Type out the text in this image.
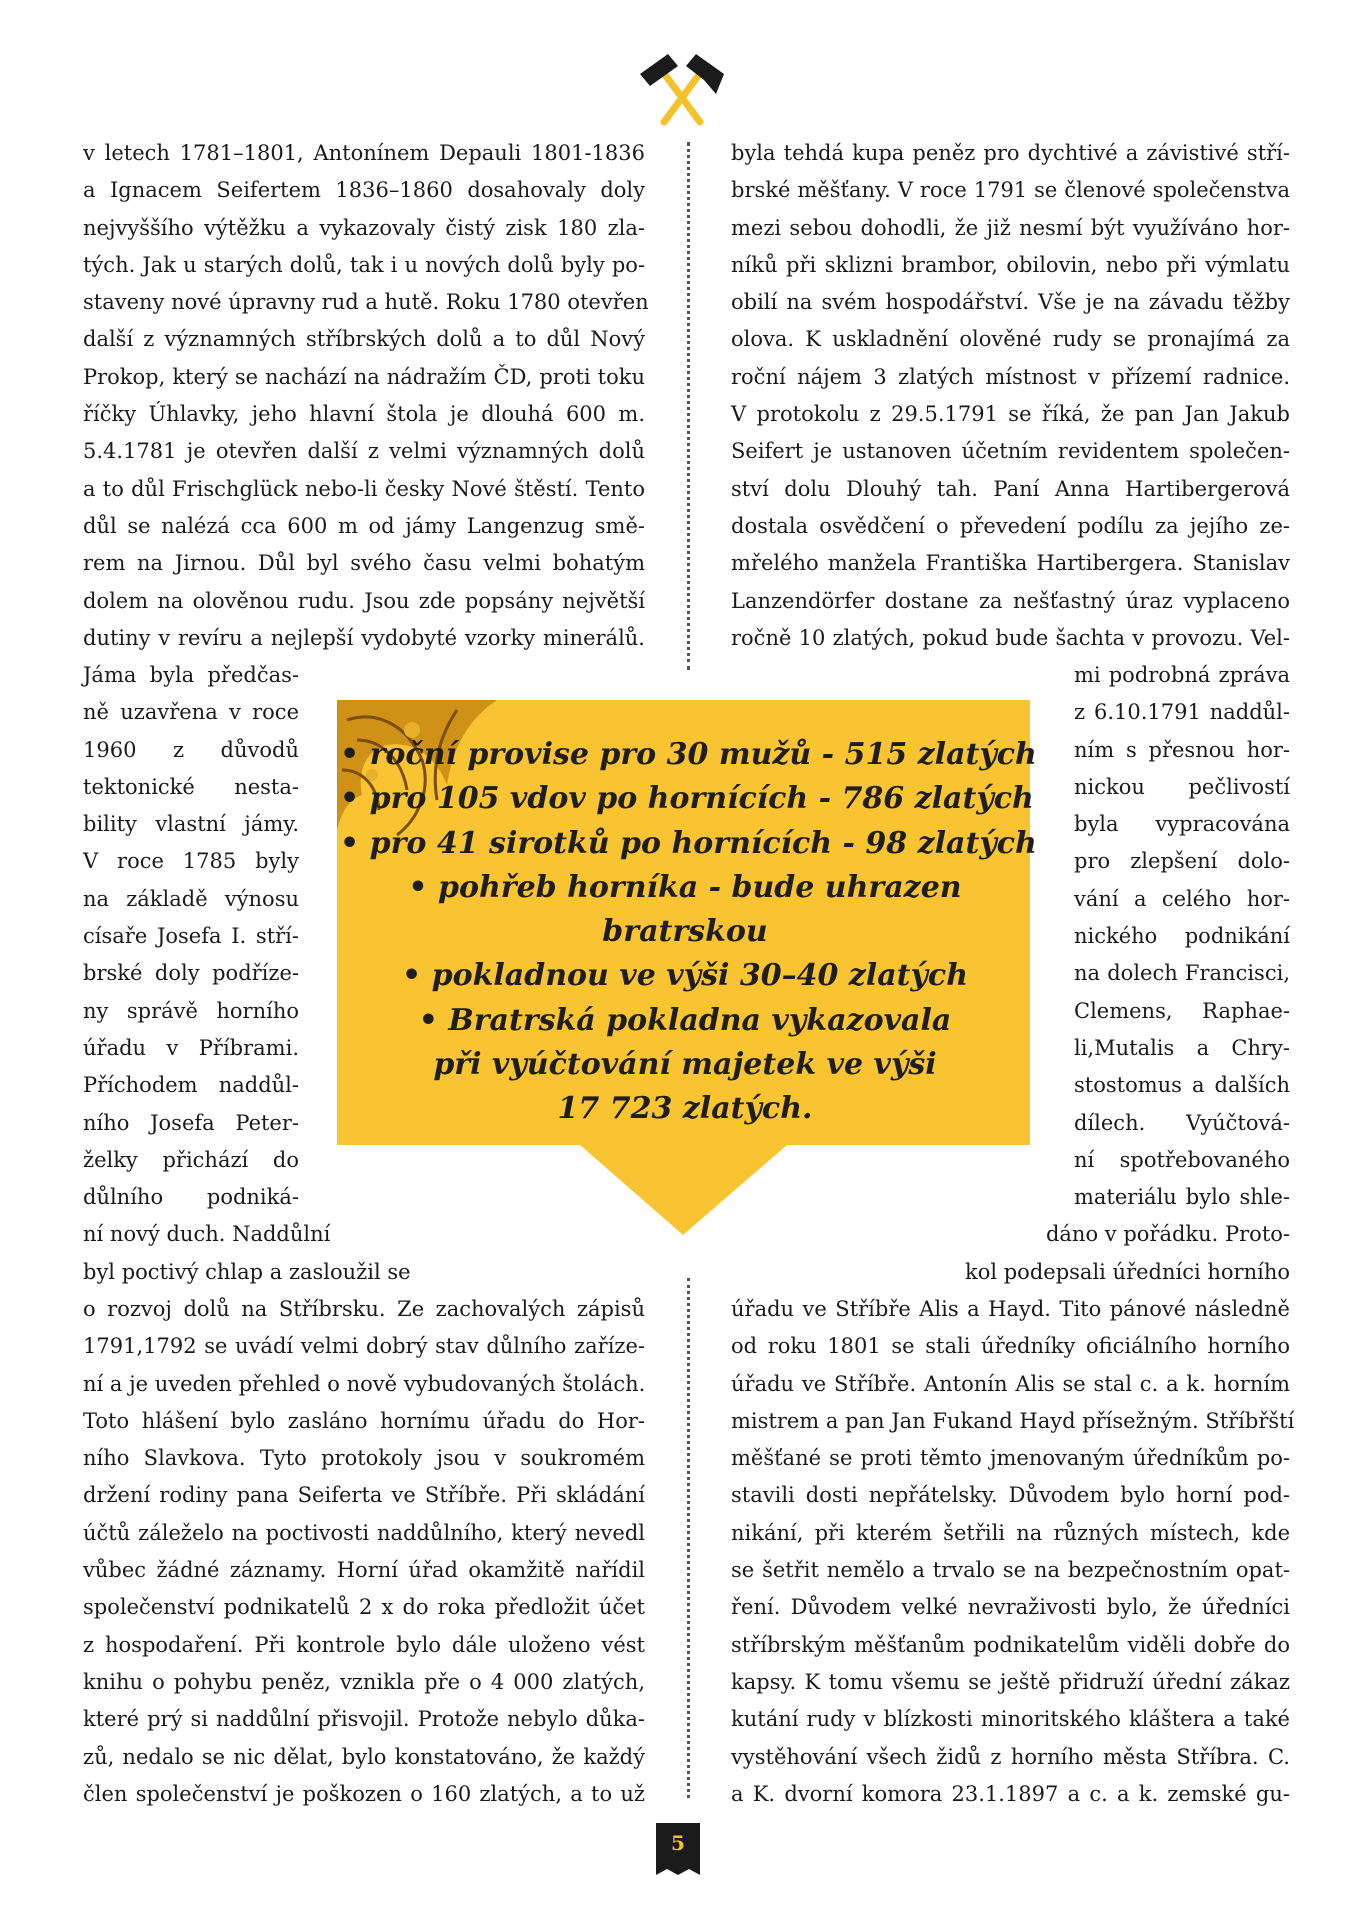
v letech 1781–1801, Antonínem Depauli 1801-1836
a Ignacem Seifertem 1836–1860 dosahovaly doly
nejvyššího výtěžku a vykazovaly čistý zisk 180 zla-
tých. Jak u starých dolů, tak i u nových dolů byly po-
staveny nové úpravny rud a hutě. Roku 1780 otevřen
další z významných stříbrských dolů a to důl Nový
Prokop, který se nachází na nádražím ČD, proti toku
říčky Úhlavky, jeho hlavní štola je dlouhá 600 m.
5.4.1781 je otevřen další z velmi významných dolů
a to důl Frischglück nebo-li česky Nové štěstí. Tento
důl se nalézá cca 600 m od jámy Langenzug smě-
rem na Jirnou. Důl byl svého času velmi bohatým
dolem na olověnou rudu. Jsou zde popsány největší
dutiny v revíru a nejlepší vydobyté vzorky minerálů.
Jáma byla předčas-
ně uzavřena v roce
1960 z důvodů
tektonické nesta-
bility vlastní jámy.
V roce 1785 byly
na základě výnosu
císaře Josefa I. stří-
brské doly podříze-
ny správě horního
úřadu v Příbrami.
Příchodem naddůl-
ního Josefa Peter-
želky přichází do
důlního podniká-
ní nový duch. Naddůlní
byl poctivý chlap a zasloužil se
o rozvoj dolů na Stříbrsku. Ze zachovalých zápisů
1791,1792 se uvádí velmi dobrý stav důlního zařízе-
ní a je uveden přehled o nově vybudovaných štolách.
Toto hlášení bylo zasláno hornímu úřadu do Hor-
ního Slavkova. Tyto protokoly jsou v soukromém
držení rodiny pana Seiferta ve Stříbře. Při skládání
účtů záleželo na poctivosti naddůlního, který nevedl
vůbec žádné záznamy. Horní úřad okamžitě nařídil
společenství podnikatelů 2 x do roka předložit účet
z hospodaření. Při kontrole bylo dále uloženo vést
knihu o pohybu peněz, vznikla pře o 4 000 zlatých,
které prý si naddůlní přisvojil. Protože nebylo důka-
zů, nedalo se nic dělat, bylo konstatováno, že každý
člen společenství je poškozen o 160 zlatých, a to už
byla tehdá kupa peněz pro dychtivé a závistivé stří-
brské měšťany. V roce 1791 se členové společenstva
mezi sebou dohodli, že již nesmí být využíváno hor-
níků při sklizni brambor, obilovin, nebo při výmlatu
obilí na svém hospodářství. Vše je na závadu těžby
olova. K uskladnění olověné rudy se pronajímá za
roční nájem 3 zlatých místnost v přízemí radnice.
V protokolu z 29.5.1791 se říká, že pan Jan Jakub
Seifert je ustanoven účetním revidentem společen-
ství dolu Dlouhý tah. Paní Anna Hartibergerová
dostala osvědčení o převedení podílu za jejího ze-
mřelého manžela Františka Hartibergera. Stanislav
Lanzendörfer dostane za nešťastný úraz vyplaceno
ročně 10 zlatých, pokud bude šachta v provozu. Vel-
mi podrobná zpráva
z 6.10.1791 naddůl-
ním s přesnou hor-
nickou pečlivostí
byla vypracována
pro zlepšení dolo-
vání a celého hor-
nického podnikání
na dolech Francisci,
Clemens, Raphae-
li,Mutalis a Chry-
stostomus a dalších
dílech. Vyúčtová-
ní spotřebovaného
materiálu bylo shle-
dáno v pořádku. Proto-
kol podepsali úředníci horního
úřadu ve Stříbře Alis a Hayd. Tito pánové následně
od roku 1801 se stali úředníky oficiálního horního
úřadu ve Stříbře. Antonín Alis se stal c. a k. horním
mistrem a pan Jan Fukand Hayd přísežným. Stříbřští
měšťané se proti těmto jmenovaným úředníkům po-
stavili dosti nepřátelsky. Důvodem bylo horní pod-
nikání, při kterém šetřili na různých místech, kde
se šetřit nemělo a trvalo se na bezpečnostním opat-
ření. Důvodem velké nevraživosti bylo, že úředníci
stříbrským měšťanům podnikatelům viděli dobře do
kapsy. K tomu všemu se ještě přidruží úřední zákaz
kutání rudy v blízkosti minoritského kláštera a také
vystěhování všech židů z horního města Stříbra. C.
a K. dvorní komora 23.1.1897 a c. a k. zemské gu-
• roční provise pro 30 mužů - 515 zlatých
• pro 105 vdov po hornících - 786 zlatých
• pro 41 sirotků po hornících - 98 zlatých
• pohřeb horníka - bude uhrazen
bratrskou
• pokladnou ve výši 30–40 zlatých
• Bratrská pokladna vykazovala
při vyúčtování majetek ve výši
17 723 zlatých.
5
